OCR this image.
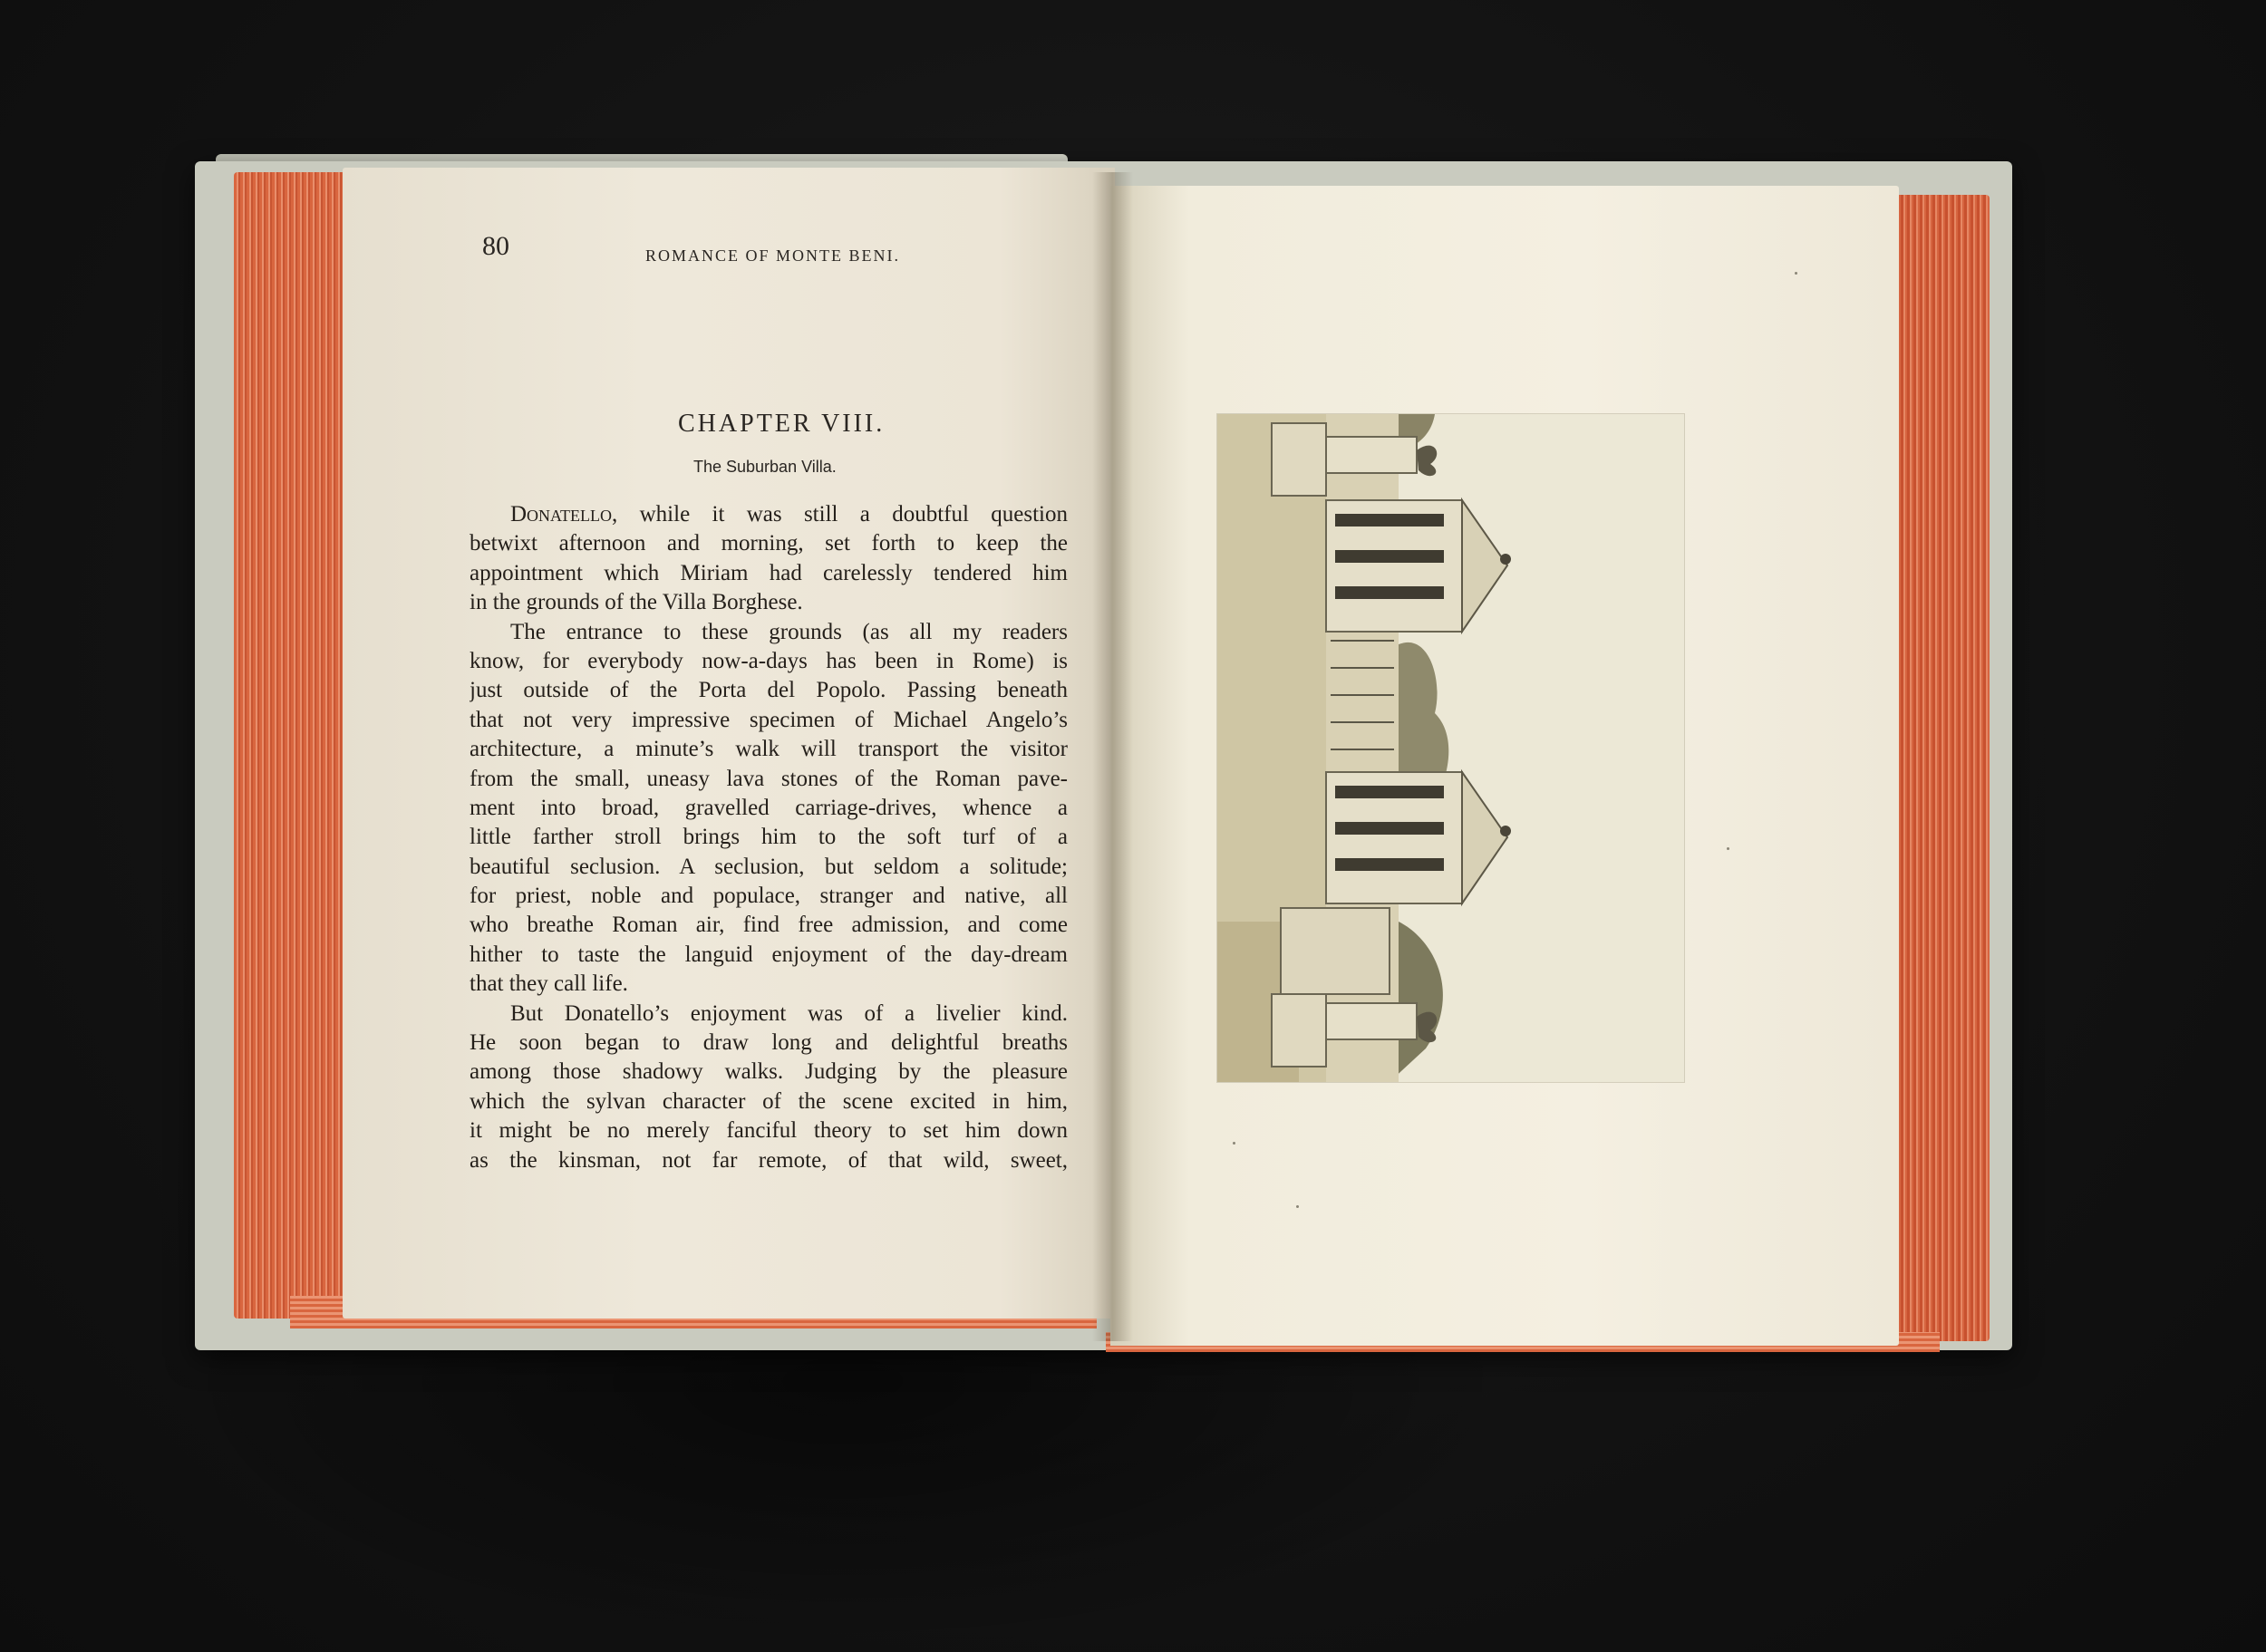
80	ROMANCE OF MONTE BENI.

CHAPTER VIII.

The Suburban Villa.

Donatello, while it was still a doubtful question
betwixt afternoon and morning, set forth to keep the
appointment which Miriam had carelessly tendered him
in the grounds of the Villa Borghese.
The entrance to these grounds (as all my readers
know, for everybody now-a-days has been in Rome) is
just outside of the Porta del Popolo. Passing beneath
that not very impressive specimen of Michael Angelo’s
architecture, a minute’s walk will transport the visitor
from the small, uneasy lava stones of the Roman pave-
ment into broad, gravelled carriage-drives, whence a
little farther stroll brings him to the soft turf of a
beautiful seclusion. A seclusion, but seldom a solitude;
for priest, noble and populace, stranger and native, all
who breathe Roman air, find free admission, and come
hither to taste the languid enjoyment of the day-dream
that they call life.
But Donatello’s enjoyment was of a livelier kind.
He soon began to draw long and delightful breaths
among those shadowy walks. Judging by the pleasure
which the sylvan character of the scene excited in him,
it might be no merely fanciful theory to set him down
as the kinsman, not far remote, of that wild, sweet,
